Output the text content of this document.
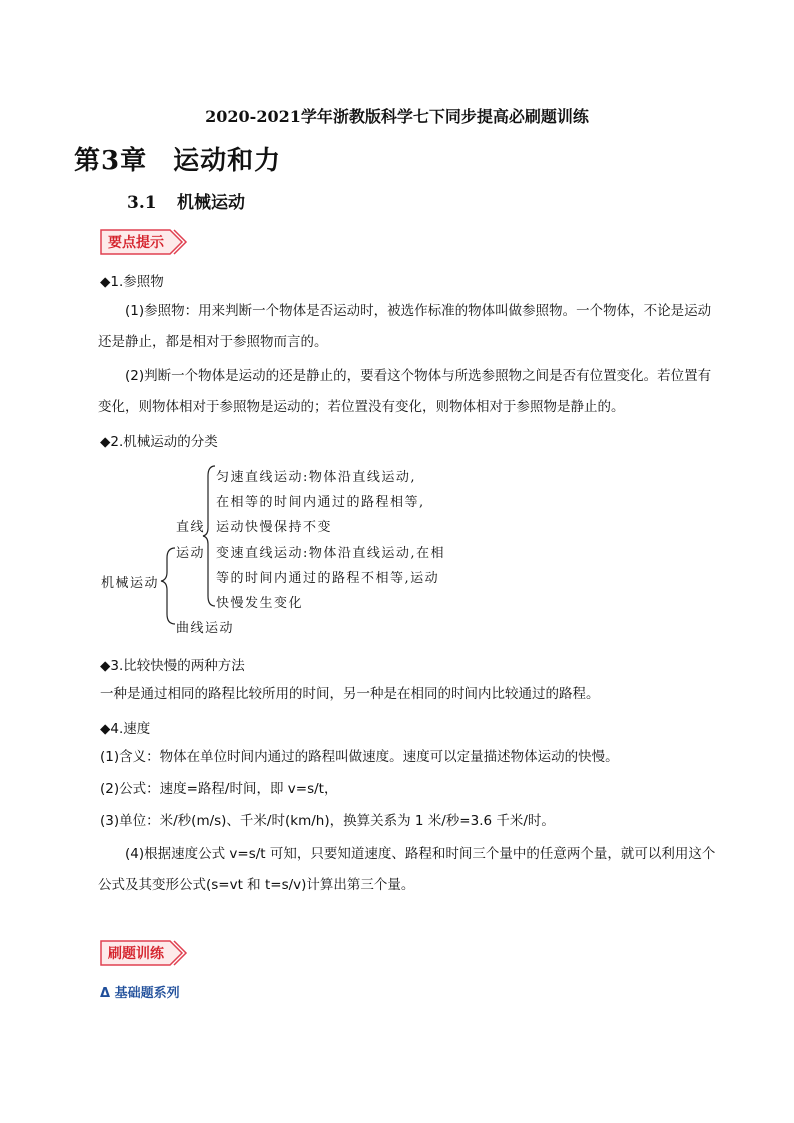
2020-2021学年浙教版科学七下同步提高必刷题训练
第3章 运动和力
3.1 机械运动
要点提示
◆1.参照物
(1)参照物：用来判断一个物体是否运动时，被选作标准的物体叫做参照物。一个物体，不论是运动还是静止，都是相对于参照物而言的。
(2)判断一个物体是运动的还是静止的，要看这个物体与所选参照物之间是否有位置变化。若位置有变化，则物体相对于参照物是运动的；若位置没有变化，则物体相对于参照物是静止的。
◆2.机械运动的分类
机械运动
直线
运动
匀速直线运动:物体沿直线运动,
在相等的时间内通过的路程相等,
运动快慢保持不变
变速直线运动:物体沿直线运动,在相
等的时间内通过的路程不相等,运动
快慢发生变化
曲线运动
◆3.比较快慢的两种方法
一种是通过相同的路程比较所用的时间，另一种是在相同的时间内比较通过的路程。
◆4.速度
(1)含义：物体在单位时间内通过的路程叫做速度。速度可以定量描述物体运动的快慢。
(2)公式：速度=路程/时间，即 v=s/t，
(3)单位：米/秒(m/s)、千米/时(km/h)，换算关系为 1 米/秒=3.6 千米/时。
(4)根据速度公式 v=s/t 可知，只要知道速度、路程和时间三个量中的任意两个量，就可以利用这个公式及其变形公式(s=vt 和 t=s/v)计算出第三个量。
刷题训练
Δ 基础题系列
